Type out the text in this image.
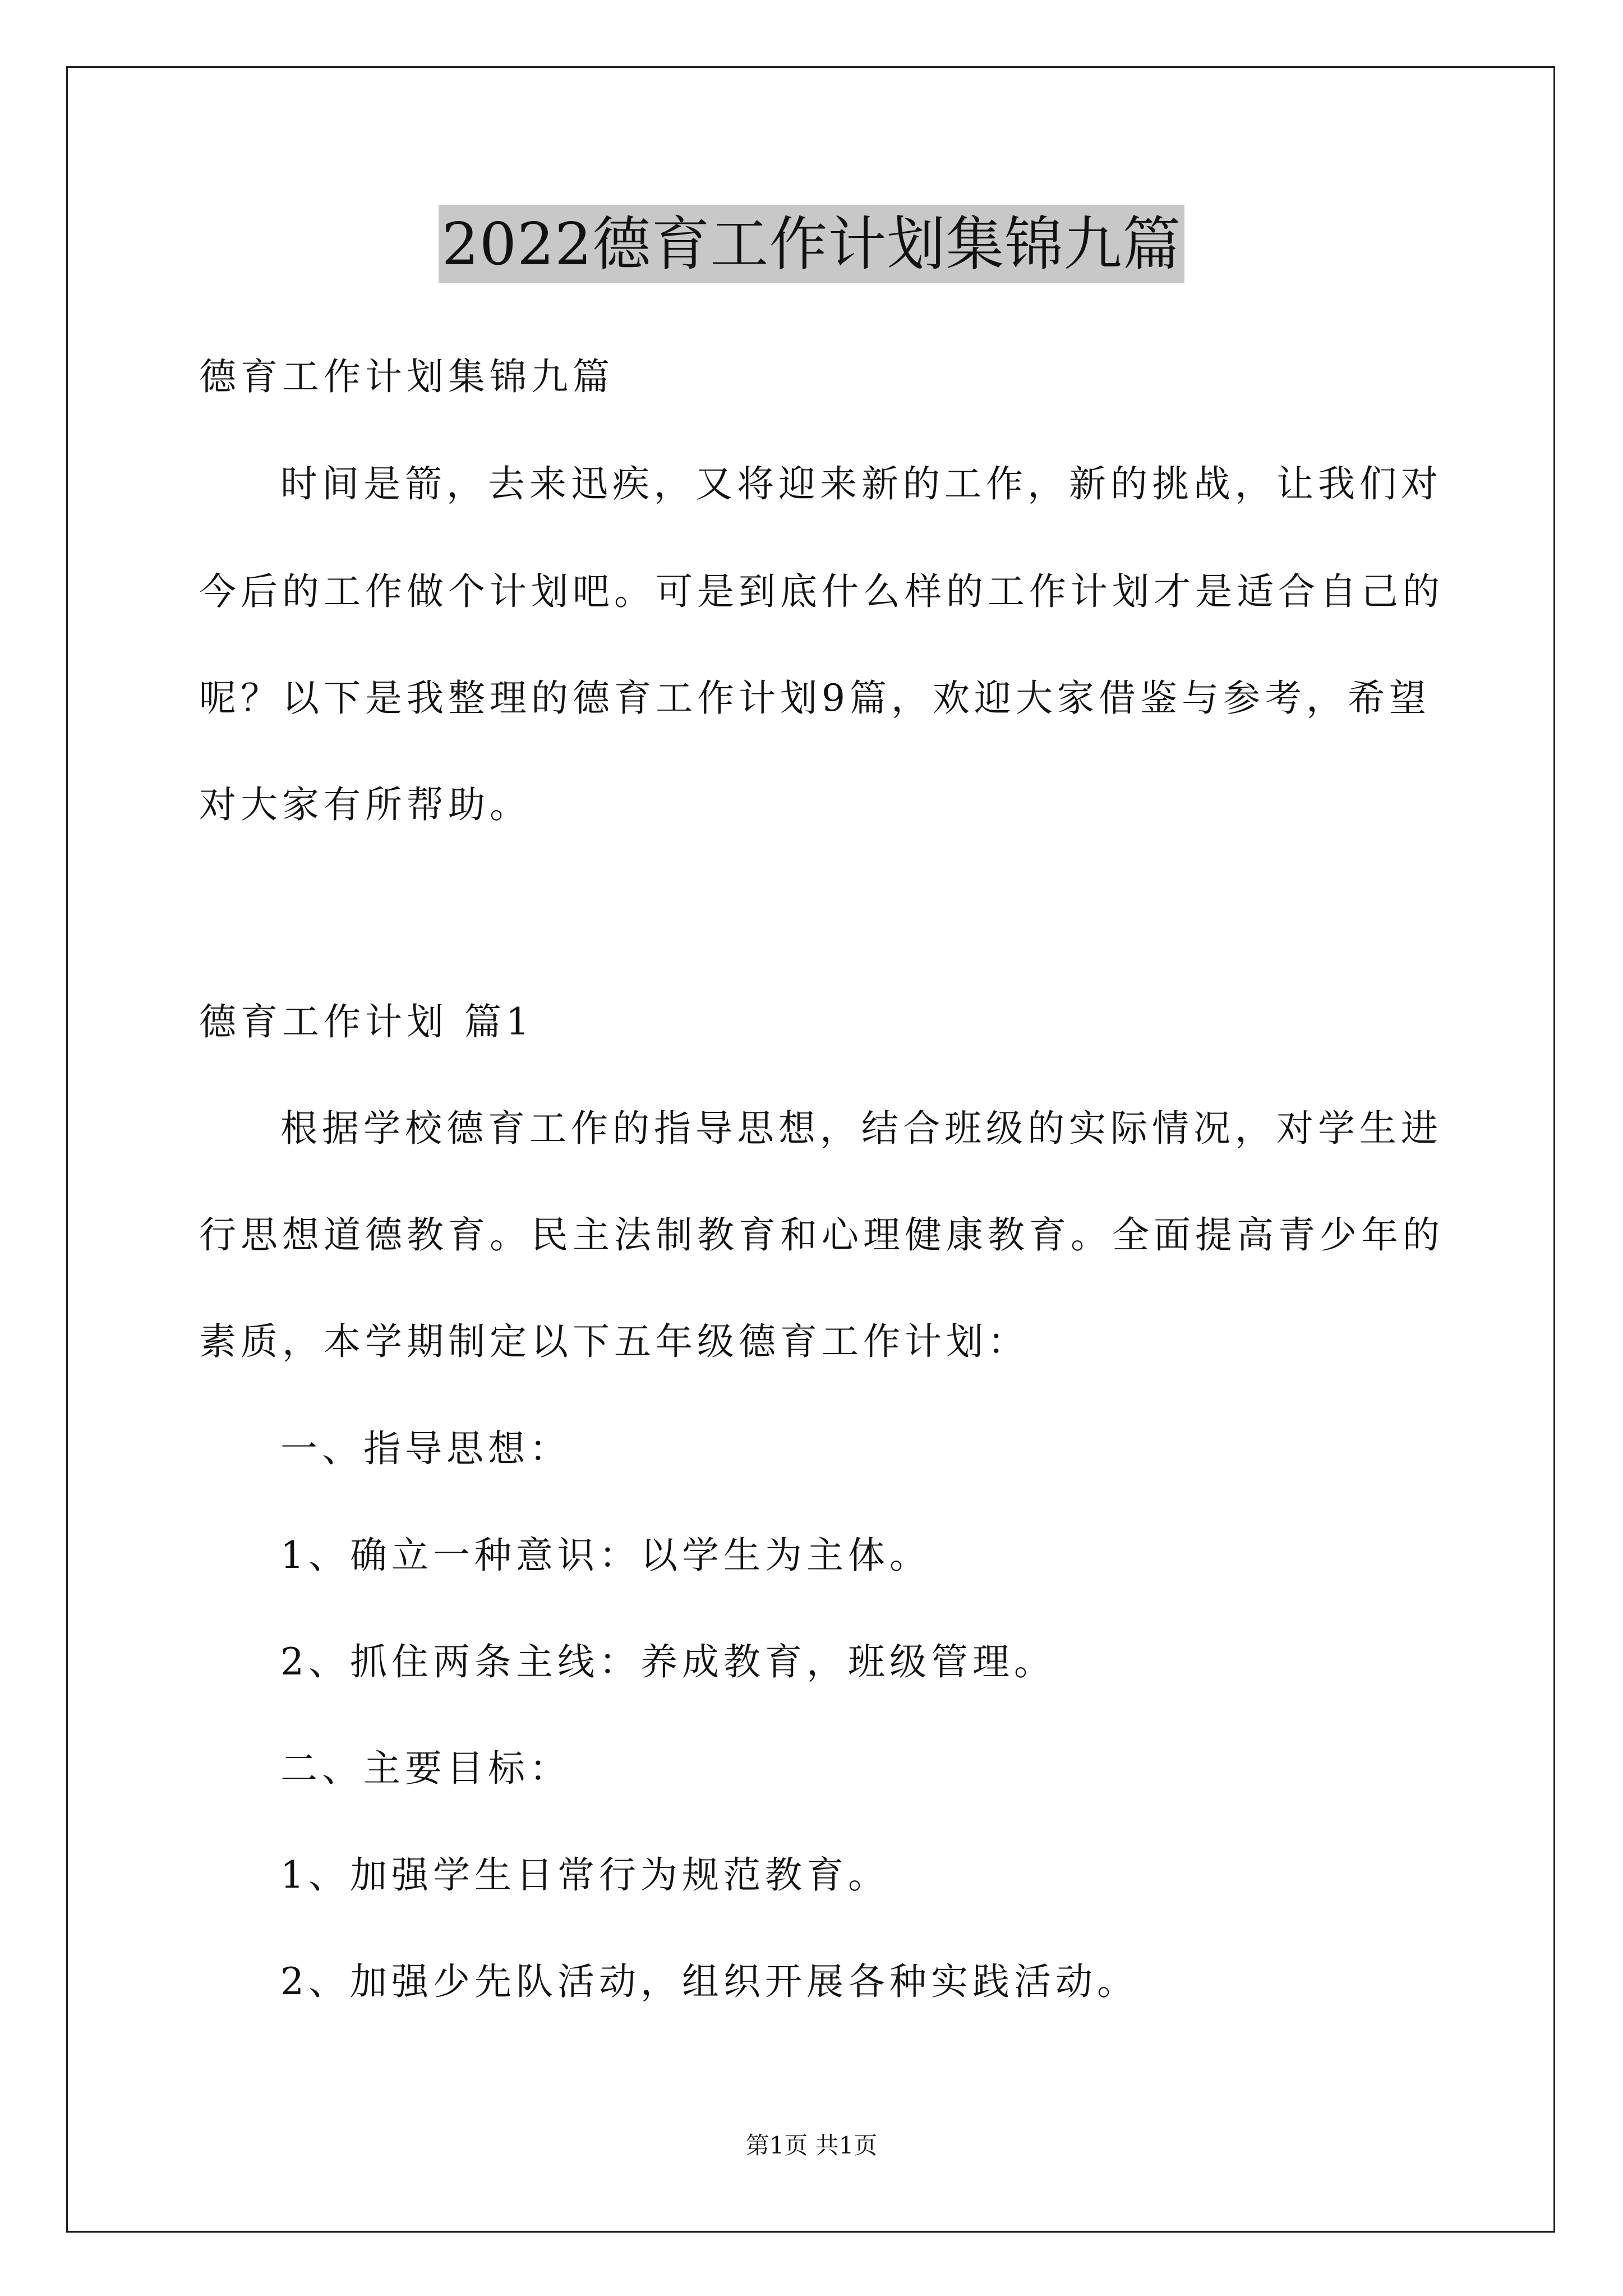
2022德育工作计划集锦九篇
德育工作计划集锦九篇
时间是箭，去来迅疾，又将迎来新的工作，新的挑战，让我们对
今后的工作做个计划吧。可是到底什么样的工作计划才是适合自己的
呢？以下是我整理的德育工作计划9篇，欢迎大家借鉴与参考，希望
对大家有所帮助。
德育工作计划 篇1
根据学校德育工作的指导思想，结合班级的实际情况，对学生进
行思想道德教育。民主法制教育和心理健康教育。全面提高青少年的
素质，本学期制定以下五年级德育工作计划：
一、指导思想：
1、确立一种意识：以学生为主体。
2、抓住两条主线：养成教育，班级管理。
二、主要目标：
1、加强学生日常行为规范教育。
2、加强少先队活动，组织开展各种实践活动。
第1页 共1页
